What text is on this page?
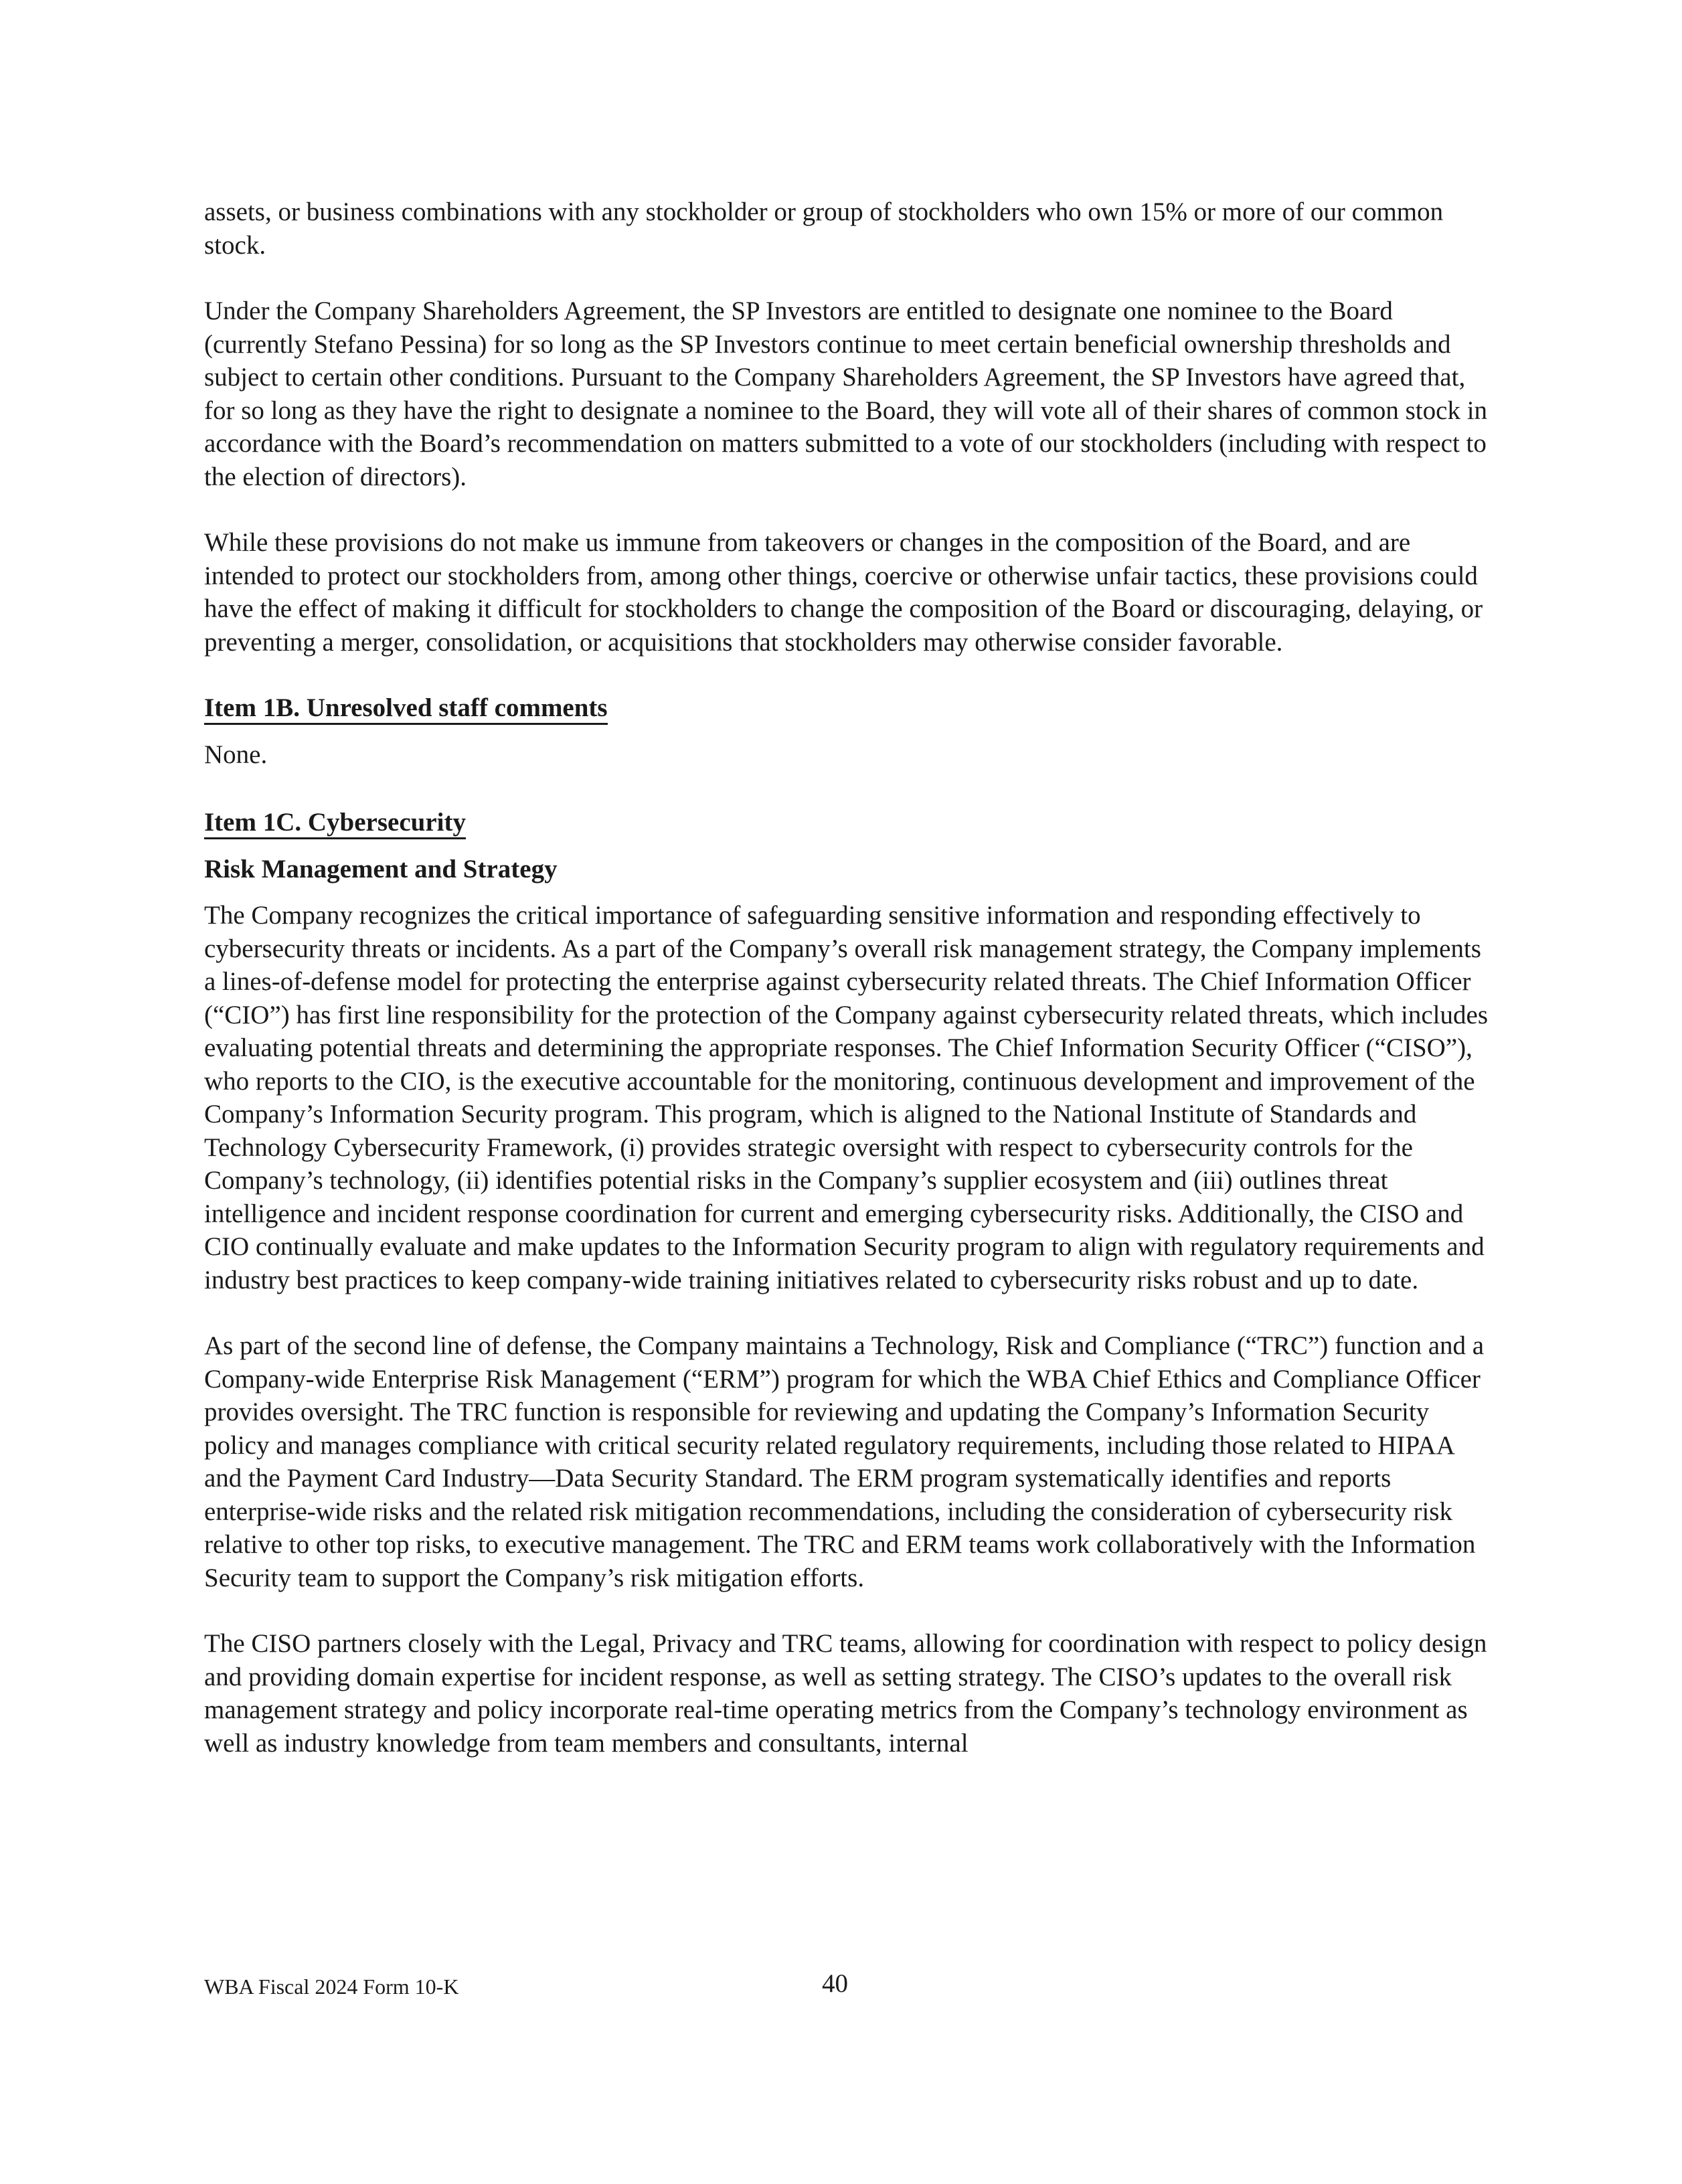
assets, or business combinations with any stockholder or group of stockholders who own 15% or more of our common stock.

Under the Company Shareholders Agreement, the SP Investors are entitled to designate one nominee to the Board (currently Stefano Pessina) for so long as the SP Investors continue to meet certain beneficial ownership thresholds and subject to certain other conditions. Pursuant to the Company Shareholders Agreement, the SP Investors have agreed that, for so long as they have the right to designate a nominee to the Board, they will vote all of their shares of common stock in accordance with the Board’s recommendation on matters submitted to a vote of our stockholders (including with respect to the election of directors).

While these provisions do not make us immune from takeovers or changes in the composition of the Board, and are intended to protect our stockholders from, among other things, coercive or otherwise unfair tactics, these provisions could have the effect of making it difficult for stockholders to change the composition of the Board or discouraging, delaying, or preventing a merger, consolidation, or acquisitions that stockholders may otherwise consider favorable.

Item 1B. Unresolved staff comments

None.

Item 1C. Cybersecurity

Risk Management and Strategy

The Company recognizes the critical importance of safeguarding sensitive information and responding effectively to cybersecurity threats or incidents. As a part of the Company’s overall risk management strategy, the Company implements a lines-of-defense model for protecting the enterprise against cybersecurity related threats. The Chief Information Officer (“CIO”) has first line responsibility for the protection of the Company against cybersecurity related threats, which includes evaluating potential threats and determining the appropriate responses. The Chief Information Security Officer (“CISO”), who reports to the CIO, is the executive accountable for the monitoring, continuous development and improvement of the Company’s Information Security program. This program, which is aligned to the National Institute of Standards and Technology Cybersecurity Framework, (i) provides strategic oversight with respect to cybersecurity controls for the Company’s technology, (ii) identifies potential risks in the Company’s supplier ecosystem and (iii) outlines threat intelligence and incident response coordination for current and emerging cybersecurity risks. Additionally, the CISO and CIO continually evaluate and make updates to the Information Security program to align with regulatory requirements and industry best practices to keep company-wide training initiatives related to cybersecurity risks robust and up to date.

As part of the second line of defense, the Company maintains a Technology, Risk and Compliance (“TRC”) function and a Company-wide Enterprise Risk Management (“ERM”) program for which the WBA Chief Ethics and Compliance Officer provides oversight. The TRC function is responsible for reviewing and updating the Company’s Information Security policy and manages compliance with critical security related regulatory requirements, including those related to HIPAA and the Payment Card Industry—Data Security Standard. The ERM program systematically identifies and reports enterprise-wide risks and the related risk mitigation recommendations, including the consideration of cybersecurity risk relative to other top risks, to executive management. The TRC and ERM teams work collaboratively with the Information Security team to support the Company’s risk mitigation efforts.

The CISO partners closely with the Legal, Privacy and TRC teams, allowing for coordination with respect to policy design and providing domain expertise for incident response, as well as setting strategy. The CISO’s updates to the overall risk management strategy and policy incorporate real-time operating metrics from the Company’s technology environment as well as industry knowledge from team members and consultants, internal

WBA Fiscal 2024 Form 10-K	40
